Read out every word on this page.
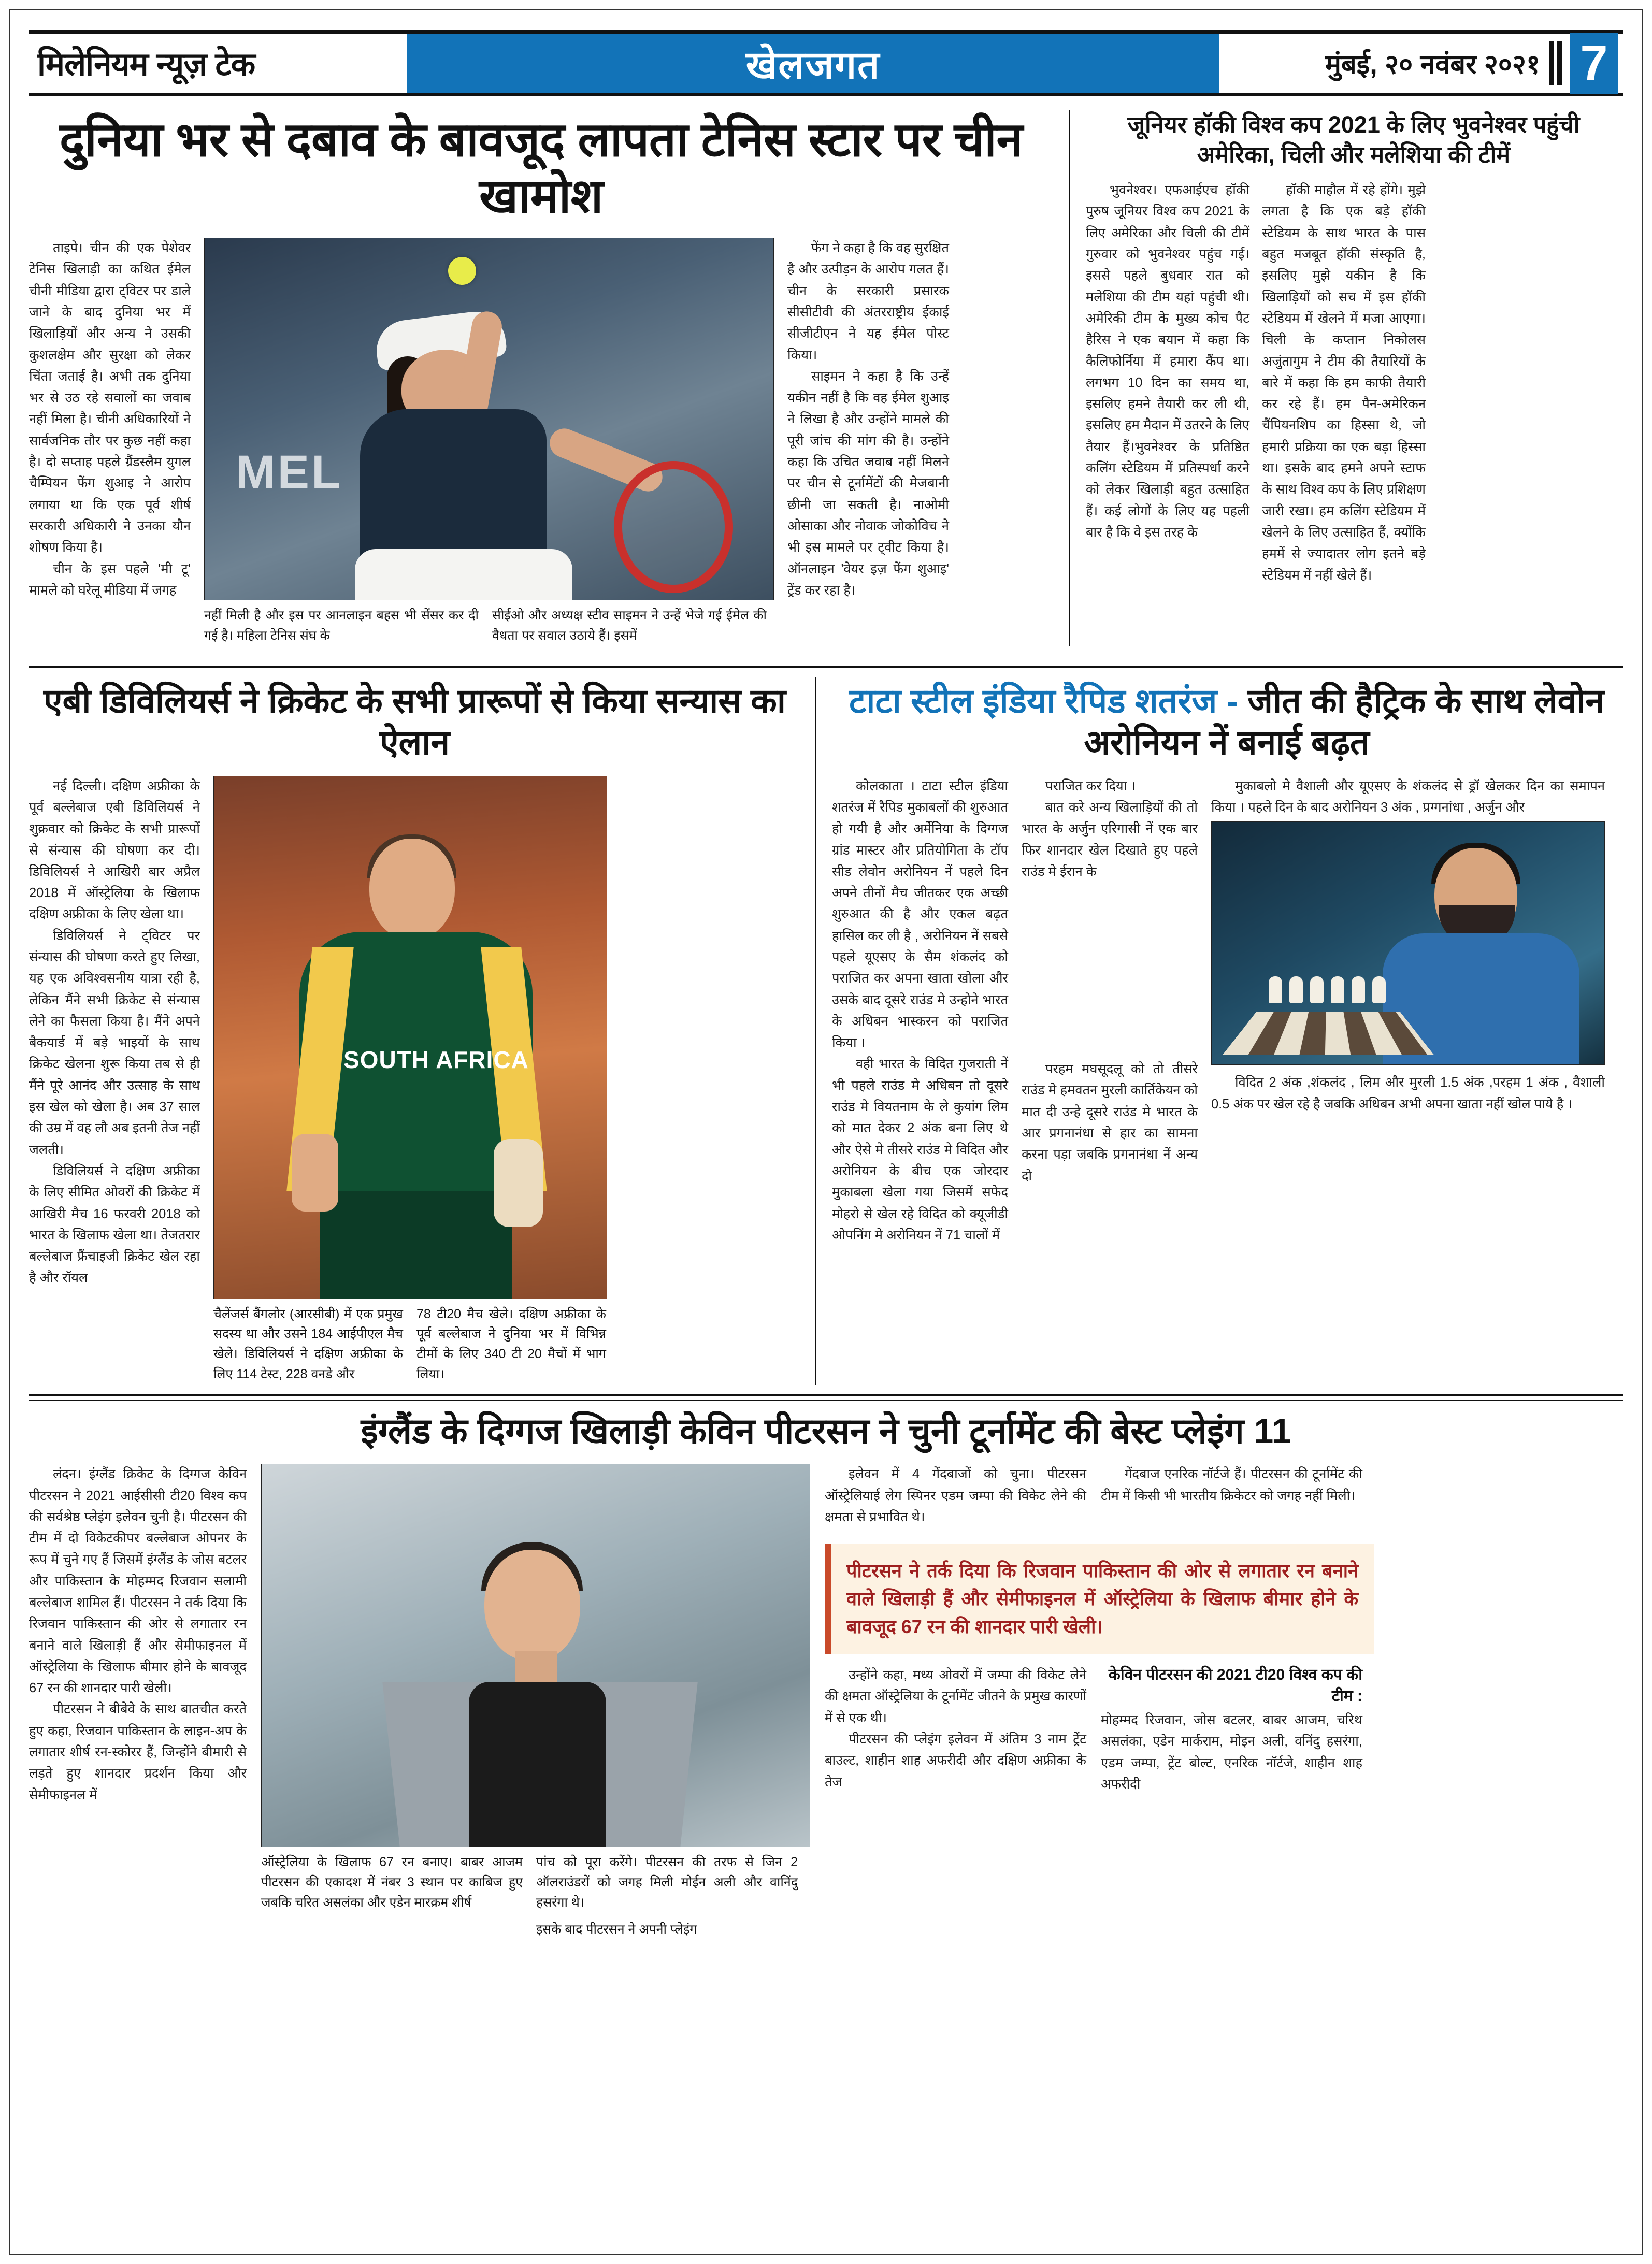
मिलेनियम न्यूज़ टेक	खेलजगत	मुंबई, २० नवंबर २०२१ 7
दुनिया भर से दबाव के बावजूद लापता टेनिस स्टार पर चीन खामोश

ताइपे। चीन की एक पेशेवर टेनिस खिलाड़ी का कथित ईमेल चीनी मीडिया द्वारा ट्विटर पर डाले जाने के बाद दुनिया भर में खिलाड़ियों और अन्य ने उसकी कुशलक्षेम और सुरक्षा को लेकर चिंता जताई है। अभी तक दुनिया भर से उठ रहे सवालों का जवाब नहीं मिला है। चीनी अधिकारियों ने सार्वजनिक तौर पर कुछ नहीं कहा है। दो सप्ताह पहले ग्रैंडस्लैम युगल चैम्पियन फेंग शुआइ ने आरोप लगाया था कि एक पूर्व शीर्ष सरकारी अधिकारी ने उनका यौन शोषण किया है।

चीन के इस पहले 'मी टू' मामले को घरेलू मीडिया में जगह

MEL
नहीं मिली है और इस पर आनलाइन बहस भी सेंसर कर दी गई है। महिला टेनिस संघ के
सीईओ और अध्यक्ष स्टीव साइमन ने उन्हें भेजे गई ईमेल की वैधता पर सवाल उठाये हैं। इसमें

फेंग ने कहा है कि वह सुरक्षित है और उत्पीड़न के आरोप गलत हैं। चीन के सरकारी प्रसारक सीसीटीवी की अंतरराष्ट्रीय ईकाई सीजीटीएन ने यह ईमेल पोस्ट किया।

साइमन ने कहा है कि उन्हें यकीन नहीं है कि वह ईमेल शुआइ ने लिखा है और उन्होंने मामले की पूरी जांच की मांग की है। उन्होंने कहा कि उचित जवाब नहीं मिलने पर चीन से टूर्नामेंटों की मेजबानी छीनी जा सकती है। नाओमी ओसाका और नोवाक जोकोविच ने भी इस मामले पर ट्वीट किया है। ऑनलाइन 'वेयर इज़ फेंग शुआइ' ट्रेंड कर रहा है।

जूनियर हॉकी विश्व कप 2021 के लिए भुवनेश्वर पहुंची अमेरिका, चिली और मलेशिया की टीमें

भुवनेश्वर। एफआईएच हॉकी पुरुष जूनियर विश्व कप 2021 के लिए अमेरिका और चिली की टीमें गुरुवार को भुवनेश्वर पहुंच गई। इससे पहले बुधवार रात को मलेशिया की टीम यहां पहुंची थी। अमेरिकी टीम के मुख्य कोच पैट हैरिस ने एक बयान में कहा कि कैलिफोर्निया में हमारा कैंप था। लगभग 10 दिन का समय था, इसलिए हमने तैयारी कर ली थी, इसलिए हम मैदान में उतरने के लिए तैयार हैं।भुवनेश्वर के प्रतिष्ठित कलिंग स्टेडियम में प्रतिस्पर्धा करने को लेकर खिलाड़ी बहुत उत्साहित हैं। कई लोगों के लिए यह पहली बार है कि वे इस तरह के

हॉकी माहौल में रहे होंगे। मुझे लगता है कि एक बड़े हॉकी स्टेडियम के साथ भारत के पास बहुत मजबूत हॉकी संस्कृति है, इसलिए मुझे यकीन है कि खिलाड़ियों को सच में इस हॉकी स्टेडियम में खेलने में मजा आएगा। चिली के कप्तान निकोलस अजुंतागुम ने टीम की तैयारियों के बारे में कहा कि हम काफी तैयारी कर रहे हैं। हम पैन-अमेरिकन चैंपियनशिप का हिस्सा थे, जो हमारी प्रक्रिया का एक बड़ा हिस्सा था। इसके बाद हमने अपने स्टाफ के साथ विश्व कप के लिए प्रशिक्षण जारी रखा। हम कलिंग स्टेडियम में खेलने के लिए उत्साहित हैं, क्योंकि हममें से ज्यादातर लोग इतने बड़े स्टेडियम में नहीं खेले हैं।

एबी डिविलियर्स ने क्रिकेट के सभी प्रारूपों से किया सन्यास का ऐलान

नई दिल्ली। दक्षिण अफ्रीका के पूर्व बल्लेबाज एबी डिविलियर्स ने शुक्रवार को क्रिकेट के सभी प्रारूपों से संन्यास की घोषणा कर दी। डिविलियर्स ने आखिरी बार अप्रैल 2018 में ऑस्ट्रेलिया के खिलाफ दक्षिण अफ्रीका के लिए खेला था।

डिविलियर्स ने ट्विटर पर संन्यास की घोषणा करते हुए लिखा, यह एक अविश्वसनीय यात्रा रही है, लेकिन मैंने सभी क्रिकेट से संन्यास लेने का फैसला किया है। मैंने अपने बैकयार्ड में बड़े भाइयों के साथ क्रिकेट खेलना शुरू किया तब से ही मैंने पूरे आनंद और उत्साह के साथ इस खेल को खेला है। अब 37 साल की उम्र में वह लौ अब इतनी तेज नहीं जलती।

डिविलियर्स ने दक्षिण अफ्रीका के लिए सीमित ओवरों की क्रिकेट में आखिरी मैच 16 फरवरी 2018 को भारत के खिलाफ खेला था। तेजतरार बल्लेबाज फ्रैंचाइजी क्रिकेट खेल रहा है और रॉयल

SOUTH AFRICA
चैलेंजर्स बैंगलोर (आरसीबी) में एक प्रमुख सदस्य था और उसने 184 आईपीएल मैच खेले। डिविलियर्स ने दक्षिण अफ्रीका के लिए 114 टेस्ट, 228 वनडे और
78 टी20 मैच खेले। दक्षिण अफ्रीका के पूर्व बल्लेबाज ने दुनिया भर में विभिन्न टीमों के लिए 340 टी 20 मैचों में भाग लिया।
टाटा स्टील इंडिया रैपिड शतरंज - जीत की हैट्रिक के साथ लेवोन अरोनियन नें बनाई बढ़त

कोलकाता । टाटा स्टील इंडिया शतरंज में रैपिड मुकाबलों की शुरुआत हो गयी है और अर्मेनिया के दिग्गज ग्रांड मास्टर और प्रतियोगिता के टॉप सीड लेवोन अरोनियन नें पहले दिन अपने तीनों मैच जीतकर एक अच्छी शुरुआत की है और एकल बढ़त हासिल कर ली है , अरोनियन नें सबसे पहले यूएसए के सैम शंकलंद को पराजित कर अपना खाता खोला और उसके बाद दूसरे राउंड मे उन्होने भारत के अधिबन भास्करन को पराजित किया ।

वही भारत के विदित गुजराती नें भी पहले राउंड मे अधिबन तो दूसरे राउंड मे वियतनाम के ले कुयांग लिम को मात देकर 2 अंक बना लिए थे और ऐसे मे तीसरे राउंड मे विदित और अरोनियन के बीच एक जोरदार मुकाबला खेला गया जिसमें सफेद मोहरो से खेल रहे विदित को क्यूजीडी ओपनिंग मे अरोनियन नें 71 चालों में

पराजित कर दिया ।

बात करे अन्य खिलाड़ियों की तो भारत के अर्जुन एरिगासी नें एक बार फिर शानदार खेल दिखाते हुए पहले राउंड मे ईरान के

परहम मघसूदलू को तो तीसरे राउंड मे हमवतन मुरली कार्तिकेयन को मात दी उन्हे दूसरे राउंड मे भारत के आर प्रगनानंधा से हार का सामना करना पड़ा जबकि प्रगनानंधा नें अन्य दो

मुकाबलो मे वैशाली और यूएसए के शंकलंद से ड्रॉ खेलकर दिन का समापन किया । पहले दिन के बाद अरोनियन 3 अंक , प्रग्गनांधा , अर्जुन और

विदित 2 अंक ,शंकलंद , लिम और मुरली 1.5 अंक ,परहम 1 अंक , वैशाली 0.5 अंक पर खेल रहे है जबकि अधिबन अभी अपना खाता नहीं खोल पाये है ।

इंग्लैंड के दिग्गज खिलाड़ी केविन पीटरसन ने चुनी टूर्नामेंट की बेस्ट प्लेइंग 11

लंदन। इंग्लैंड क्रिकेट के दिग्गज केविन पीटरसन ने 2021 आईसीसी टी20 विश्व कप की सर्वश्रेष्ठ प्लेइंग इलेवन चुनी है। पीटरसन की टीम में दो विकेटकीपर बल्लेबाज ओपनर के रूप में चुने गए हैं जिसमें इंग्लैंड के जोस बटलर और पाकिस्तान के मोहम्मद रिजवान सलामी बल्लेबाज शामिल हैं। पीटरसन ने तर्क दिया कि रिजवान पाकिस्तान की ओर से लगातार रन बनाने वाले खिलाड़ी हैं और सेमीफाइनल में ऑस्ट्रेलिया के खिलाफ बीमार होने के बावजूद 67 रन की शानदार पारी खेली।

पीटरसन ने बीबेवे के साथ बातचीत करते हुए कहा, रिजवान पाकिस्तान के लाइन-अप के लगातार शीर्ष रन-स्कोरर हैं, जिन्होंने बीमारी से लड़ते हुए शानदार प्रदर्शन किया और सेमीफाइनल में

ऑस्ट्रेलिया के खिलाफ 67 रन बनाए। बाबर आजम पीटरसन की एकादश में नंबर 3 स्थान पर काबिज हुए जबकि चरित असलंका और एडेन मारक्रम शीर्ष
पांच को पूरा करेंगे। पीटरसन की तरफ से जिन 2 ऑलराउंडरों को जगह मिली मोईन अली और वानिंदु हसरंगा थे।
इसके बाद पीटरसन ने अपनी प्लेइंग

इलेवन में 4 गेंदबाजों को चुना। पीटरसन ऑस्ट्रेलियाई लेग स्पिनर एडम जम्पा की विकेट लेने की क्षमता से प्रभावित थे।

गेंदबाज एनरिक नॉर्टजे हैं। पीटरसन की टूर्नामेंट की टीम में किसी भी भारतीय क्रिकेटर को जगह नहीं मिली।

पीटरसन ने तर्क दिया कि रिजवान पाकिस्तान की ओर से लगातार रन बनाने वाले खिलाड़ी हैं और सेमीफाइनल में ऑस्ट्रेलिया के खिलाफ बीमार होने के बावजूद 67 रन की शानदार पारी खेली।

उन्होंने कहा, मध्य ओवरों में जम्पा की विकेट लेने की क्षमता ऑस्ट्रेलिया के टूर्नामेंट जीतने के प्रमुख कारणों में से एक थी।

पीटरसन की प्लेइंग इलेवन में अंतिम 3 नाम ट्रेंट बाउल्ट, शाहीन शाह अफरीदी और दक्षिण अफ्रीका के तेज

केविन पीटरसन की 2021 टी20 विश्व कप की टीम :
मोहम्मद रिजवान, जोस बटलर, बाबर आजम, चरिथ असलंका, एडेन मार्कराम, मोइन अली, वनिंदु हसरंगा, एडम जम्पा, ट्रेंट बोल्ट, एनरिक नॉर्टजे, शाहीन शाह अफरीदी
